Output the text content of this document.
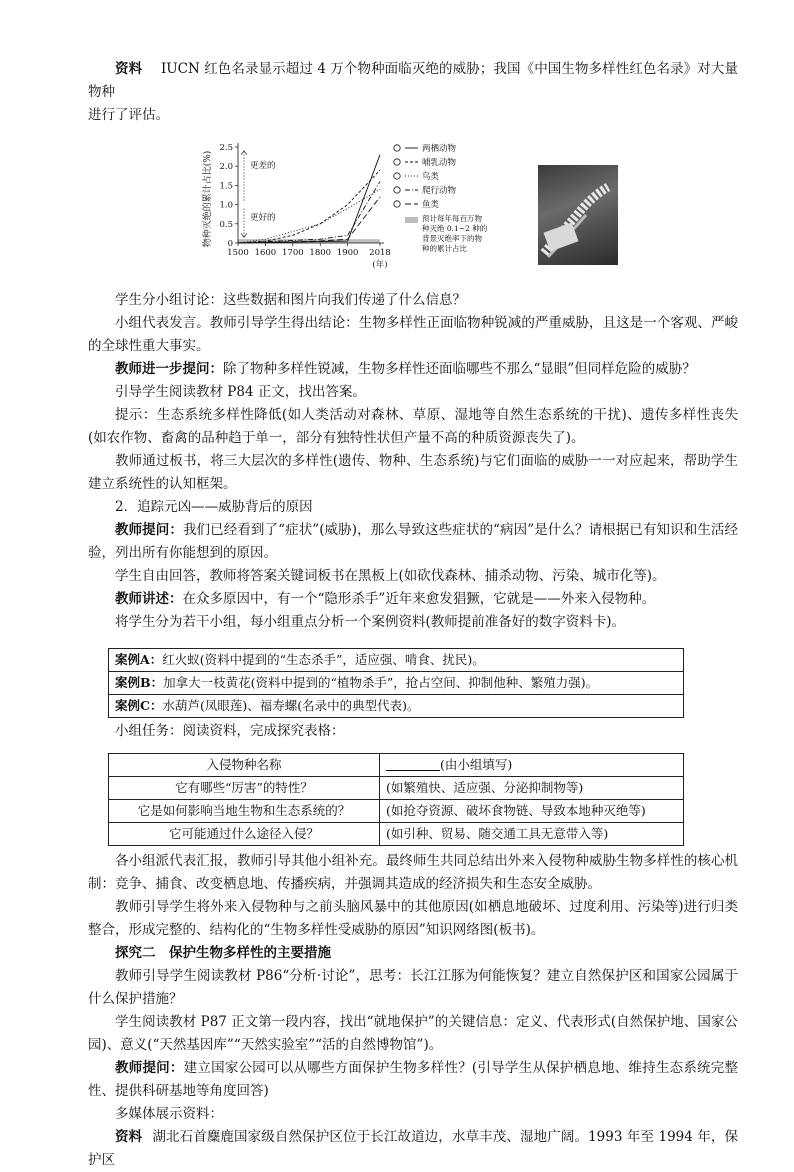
资料 IUCN 红色名录显示超过 4 万个物种面临灭绝的威胁；我国《中国生物多样性红色名录》对大量物种

进行了评估。

0
0.5
1.0
1.5
2.0
2.5
1500 1600 1700 1800 1900 2018
(年)
物种灭绝的累计占比(%)	更差的
更好的
两栖动物
哺乳动物
鸟类
爬行动物
鱼类
预计每年每百万物
种灭绝 0.1~2 种的
背景灭绝率下的物
种的累计占比

学生分小组讨论：这些数据和图片向我们传递了什么信息？

小组代表发言。教师引导学生得出结论：生物多样性正面临物种锐减的严重威胁，且这是一个客观、严峻的全球性重大事实。

教师进一步提问：除了物种多样性锐减，生物多样性还面临哪些不那么“显眼”但同样危险的威胁？

引导学生阅读教材 P84 正文，找出答案。

提示：生态系统多样性降低(如人类活动对森林、草原、湿地等自然生态系统的干扰)、遗传多样性丧失(如农作物、畜禽的品种趋于单一，部分有独特性状但产量不高的种质资源丧失了)。

教师通过板书，将三大层次的多样性(遗传、物种、生态系统)与它们面临的威胁一一对应起来，帮助学生建立系统性的认知框架。

2．追踪元凶——威胁背后的原因

教师提问：我们已经看到了“症状”(威胁)，那么导致这些症状的“病因”是什么？请根据已有知识和生活经验，列出所有你能想到的原因。

学生自由回答，教师将答案关键词板书在黑板上(如砍伐森林、捕杀动物、污染、城市化等)。

教师讲述：在众多原因中，有一个“隐形杀手”近年来愈发猖獗，它就是——外来入侵物种。

将学生分为若干小组，每小组重点分析一个案例资料(教师提前准备好的数字资料卡)。

案例A：红火蚁(资料中提到的“生态杀手”，适应强、啃食、扰民)。
案例B：加拿大一枝黄花(资料中提到的“植物杀手”，抢占空间、抑制他种、繁殖力强)。
案例C：水葫芦(凤眼莲)、福寿螺(名录中的典型代表)。

小组任务：阅读资料，完成探究表格：

入侵物种名称	(由小组填写)
它有哪些“厉害”的特性？	(如繁殖快、适应强、分泌抑制物等)
它是如何影响当地生物和生态系统的？	(如抢夺资源、破坏食物链、导致本地种灭绝等)
它可能通过什么途径入侵？	(如引种、贸易、随交通工具无意带入等)

各小组派代表汇报，教师引导其他小组补充。最终师生共同总结出外来入侵物种威胁生物多样性的核心机制：竞争、捕食、改变栖息地、传播疾病，并强调其造成的经济损失和生态安全威胁。

教师引导学生将外来入侵物种与之前头脑风暴中的其他原因(如栖息地破坏、过度利用、污染等)进行归类整合，形成完整的、结构化的“生物多样性受威胁的原因”知识网络图(板书)。

探究二　保护生物多样性的主要措施

教师引导学生阅读教材 P86“分析·讨论”，思考：长江江豚为何能恢复？建立自然保护区和国家公园属于什么保护措施？

学生阅读教材 P87 正文第一段内容，找出“就地保护”的关键信息：定义、代表形式(自然保护地、国家公园)、意义(“天然基因库”“天然实验室”“活的自然博物馆”)。

教师提问：建立国家公园可以从哪些方面保护生物多样性？(引导学生从保护栖息地、维持生态系统完整性、提供科研基地等角度回答)

多媒体展示资料：

资料 湖北石首麋鹿国家级自然保护区位于长江故道边，水草丰茂、湿地广阔。1993 年至 1994 年，保护区
